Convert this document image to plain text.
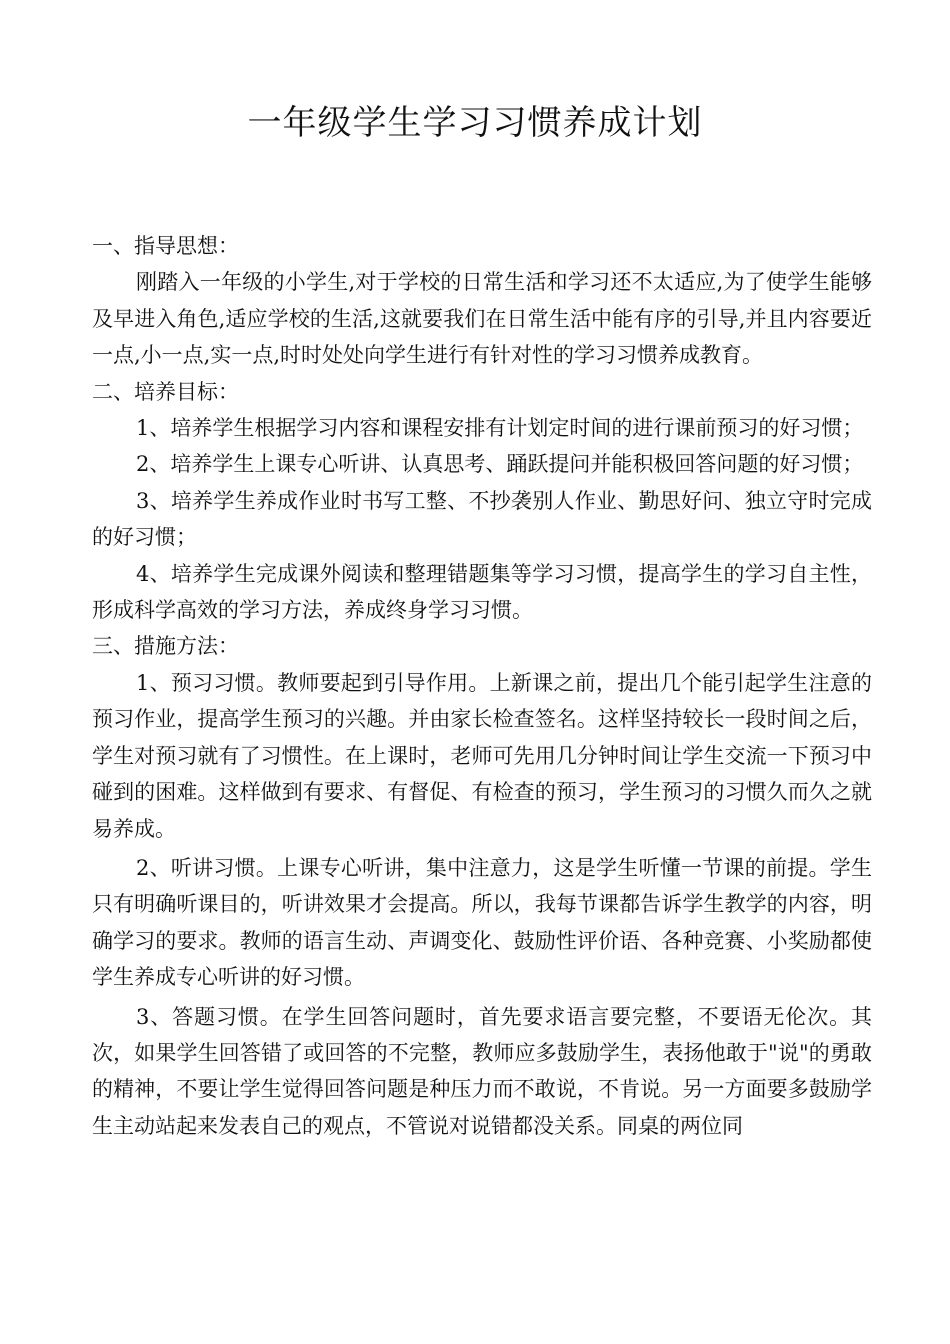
一年级学生学习习惯养成计划

一、指导思想：

刚踏入一年级的小学生,对于学校的日常生活和学习还不太适应,为了使学生能够及早进入角色,适应学校的生活,这就要我们在日常生活中能有序的引导,并且内容要近一点,小一点,实一点,时时处处向学生进行有针对性的学习习惯养成教育。

二、培养目标：

1、培养学生根据学习内容和课程安排有计划定时间的进行课前预习的好习惯；

2、培养学生上课专心听讲、认真思考、踊跃提问并能积极回答问题的好习惯；

3、培养学生养成作业时书写工整、不抄袭别人作业、勤思好问、独立守时完成的好习惯；

4、培养学生完成课外阅读和整理错题集等学习习惯，提高学生的学习自主性，形成科学高效的学习方法，养成终身学习习惯。

三、措施方法：

1、预习习惯。教师要起到引导作用。上新课之前，提出几个能引起学生注意的预习作业，提高学生预习的兴趣。并由家长检查签名。这样坚持较长一段时间之后，学生对预习就有了习惯性。在上课时，老师可先用几分钟时间让学生交流一下预习中碰到的困难。这样做到有要求、有督促、有检查的预习，学生预习的习惯久而久之就易养成。

2、听讲习惯。上课专心听讲，集中注意力，这是学生听懂一节课的前提。学生只有明确听课目的，听讲效果才会提高。所以，我每节课都告诉学生教学的内容，明确学习的要求。教师的语言生动、声调变化、鼓励性评价语、各种竞赛、小奖励都使学生养成专心听讲的好习惯。

3、答题习惯。在学生回答问题时，首先要求语言要完整，不要语无伦次。其次，如果学生回答错了或回答的不完整，教师应多鼓励学生，表扬他敢于"说"的勇敢的精神，不要让学生觉得回答问题是种压力而不敢说，不肯说。另一方面要多鼓励学生主动站起来发表自己的观点，不管说对说错都没关系。同桌的两位同
